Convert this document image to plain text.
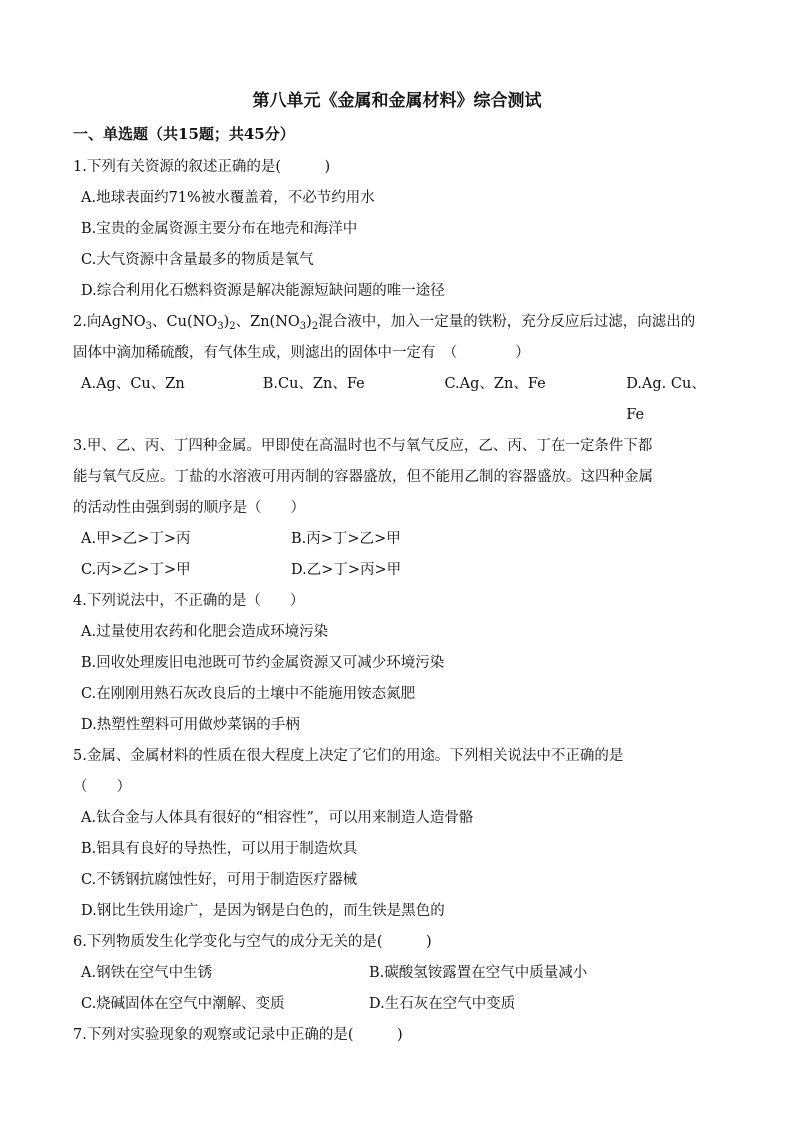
第八单元《金属和金属材料》综合测试
一、单选题（共15题；共45分）
1.下列有关资源的叙述正确的是(　　　)
A.地球表面约71%被水覆盖着，不必节约用水
B.宝贵的金属资源主要分布在地壳和海洋中
C.大气资源中含量最多的物质是氧气
D.综合利用化石燃料资源是解决能源短缺问题的唯一途径
2.向AgNO$_3$、$Cu(NO_3)_2$、$Zn(NO_3)_2$混合液中，加入一定量的铁粉，充分反应后过滤，向滤出的
固体中滴加稀硫酸，有气体生成，则滤出的固体中一定有　（　　　　）
A.Ag、Cu、Zn	B.Cu、Zn、Fe	C.Ag、Zn、Fe	D.Ag. Cu、Fe
3.甲、乙、丙、丁四种金属。甲即使在高温时也不与氧气反应，乙、丙、丁在一定条件下都
能与氧气反应。丁盐的水溶液可用丙制的容器盛放，但不能用乙制的容器盛放。这四种金属
的活动性由强到弱的顺序是（　　）
A.甲>乙>丁>丙	B.丙>丁>乙>甲
C.丙>乙>丁>甲	D.乙>丁>丙>甲
4.下列说法中，不正确的是（　　）
A.过量使用农药和化肥会造成环境污染
B.回收处理废旧电池既可节约金属资源又可减少环境污染
C.在刚刚用熟石灰改良后的土壤中不能施用铵态氮肥
D.热塑性塑料可用做炒菜锅的手柄
5.金属、金属材料的性质在很大程度上决定了它们的用途。下列相关说法中不正确的是
（　　）
A.钛合金与人体具有很好的“相容性”，可以用来制造人造骨骼
B.铝具有良好的导热性，可以用于制造炊具
C.不锈钢抗腐蚀性好，可用于制造医疗器械
D.钢比生铁用途广，是因为钢是白色的，而生铁是黑色的
6.下列物质发生化学变化与空气的成分无关的是(　　　)
A.钢铁在空气中生锈	B.碳酸氢铵露置在空气中质量减小
C.烧碱固体在空气中潮解、变质	D.生石灰在空气中变质
7.下列对实验现象的观察或记录中正确的是(　　　)
